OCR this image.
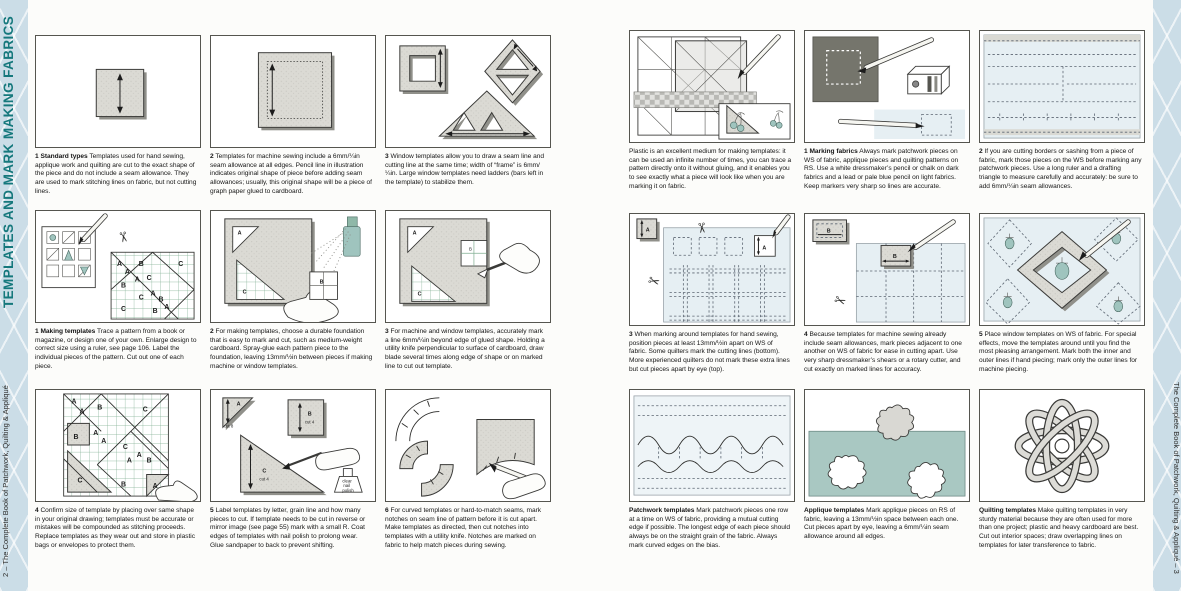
TEMPLATES AND MARK MAKING FABRICS
2 – The Complete Book of Patchwork, Quilting & Appliqué	The Complete Book of Patchwork, Quilting & Appliqué – 3
1 Standard types Templates used for hand sewing, applique work and quilting are cut to the exact shape of the piece and do not include a seam allowance. They are used to mark stitching lines on fabric, but not cutting lines.
2 Templates for machine sewing include a 6mm/¼in seam allowance at all edges. Pencil line in illustration indicates original shape of piece before adding seam allowances; usually, this original shape will be a piece of graph paper glued to cardboard.
3 Window templates allow you to draw a seam line and cutting line at the same time; width of “frame” is 6mm/¼in. Large window templates need ladders (bars left in the template) to stabilize them.
✂
A
A
B	C
B
A C
C
A
B
C	B
A
1 Making templates Trace a pattern from a book or magazine, or design one of your own. Enlarge design to correct size using a ruler, see page 106. Label the individual pieces of the pattern. Cut out one of each piece.
A
C
B
2 For making templates, choose a durable foundation that is easy to mark and cut, such as medium-weight cardboard. Spray-glue each pattern piece to the foundation, leaving 13mm/½in between pieces if making machine or window templates.
A
C
B
3 For machine and window templates, accurately mark a line 6mm/¼in beyond edge of glued shape. Holding a utility knife perpendicular to surface of cardboard, draw blade several times along edge of shape or on marked line to cut out template.
A
A
B	C
B
A
A
C
A
A
B
C
B	A
4 Confirm size of template by placing over same shape in your original drawing; templates must be accurate or mistakes will be compounded as stitching proceeds. Replace templates as they wear out and store in plastic bags or envelopes to protect them.
A
cut 8
B
cut 4
C
cut 4	clear
nail
polish
5 Label templates by letter, grain line and how many pieces to cut. If template needs to be cut in reverse or mirror image (see page 55) mark with a small R. Coat edges of templates with nail polish to prolong wear. Glue sandpaper to back to prevent shifting.
6 For curved templates or hard-to-match seams, mark notches on seam line of pattern before it is cut apart. Make templates as directed, then cut notches into templates with a utility knife. Notches are marked on fabric to help match pieces during sewing.
Plastic is an excellent medium for making templates: it can be used an infinite number of times, you can trace a pattern directly onto it without gluing, and it enables you to see exactly what a piece will look like when you are marking it on fabric.
1 Marking fabrics Always mark patchwork pieces on WS of fabric, applique pieces and quilting patterns on RS. Use a white dressmaker’s pencil or chalk on dark fabrics and a lead or pale blue pencil on light fabrics. Keep markers very sharp so lines are accurate.
2 If you are cutting borders or sashing from a piece of fabric, mark those pieces on the WS before marking any patchwork pieces. Use a long ruler and a drafting triangle to measure carefully and accurately: be sure to add 6mm/¼in seam allowances.
A
A
✂
✂
3 When marking around templates for hand sewing, position pieces at least 13mm/½in apart on WS of fabric. Some quilters mark the cutting lines (bottom). More experienced quilters do not mark these extra lines but cut pieces apart by eye (top).
B
B
✂
4 Because templates for machine sewing already include seam allowances, mark pieces adjacent to one another on WS of fabric for ease in cutting apart. Use very sharp dressmaker’s shears or a rotary cutter, and cut exactly on marked lines for accuracy.
5 Place window templates on WS of fabric. For special effects, move the templates around until you find the most pleasing arrangement. Mark both the inner and outer lines if hand piecing; mark only the outer lines for machine piecing.
Patchwork templates Mark patchwork pieces one row at a time on WS of fabric, providing a mutual cutting edge if possible. The longest edge of each piece should always be on the straight grain of the fabric. Always mark curved edges on the bias.
Applique templates Mark applique pieces on RS of fabric, leaving a 13mm/½in space between each one. Cut pieces apart by eye, leaving a 6mm/¼in seam allowance around all edges.
Quilting templates Make quilting templates in very sturdy material because they are often used for more than one project; plastic and heavy cardboard are best. Cut out interior spaces; draw overlapping lines on templates for later transference to fabric.
